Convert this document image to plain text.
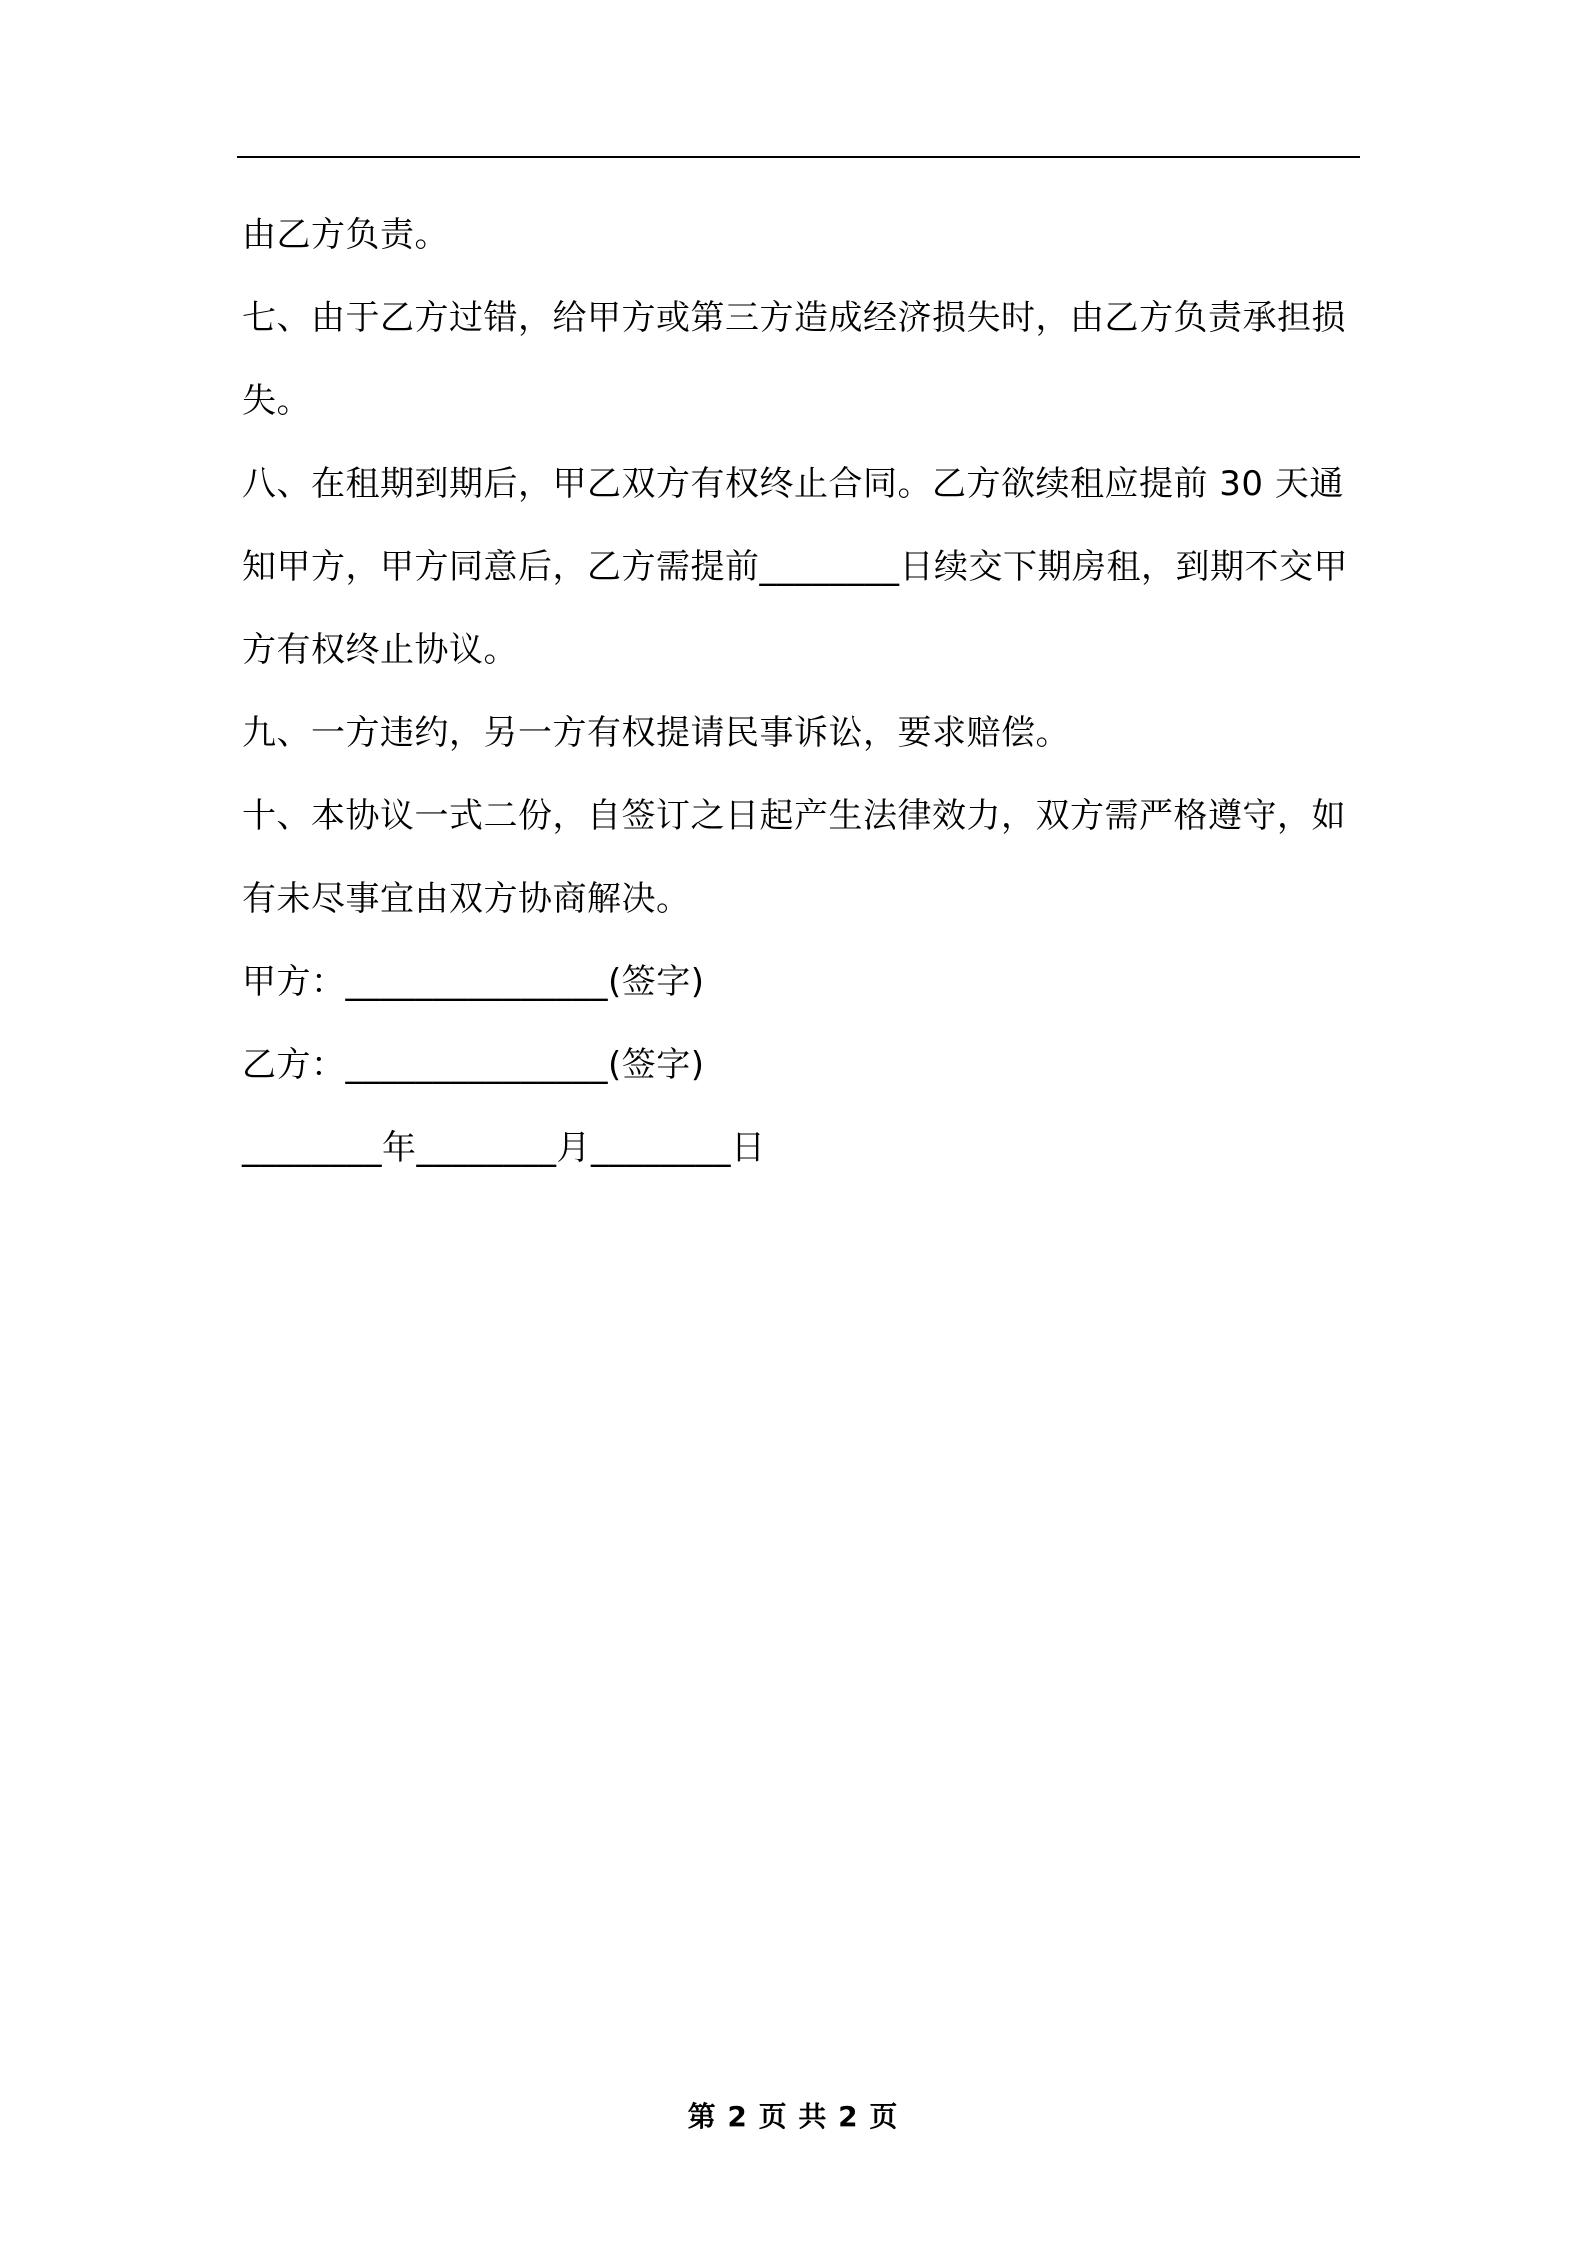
由乙方负责。

七、由于乙方过错，给甲方或第三方造成经济损失时，由乙方负责承担损失。

八、在租期到期后，甲乙双方有权终止合同。乙方欲续租应提前 30 天通知甲方，甲方同意后，乙方需提前________日续交下期房租，到期不交甲方有权终止协议。

九、一方违约，另一方有权提请民事诉讼，要求赔偿。

十、本协议一式二份，自签订之日起产生法律效力，双方需严格遵守，如有未尽事宜由双方协商解决。

甲方：_______________(签字)

乙方：_______________(签字)

________年________月________日

第 2 页 共 2 页
